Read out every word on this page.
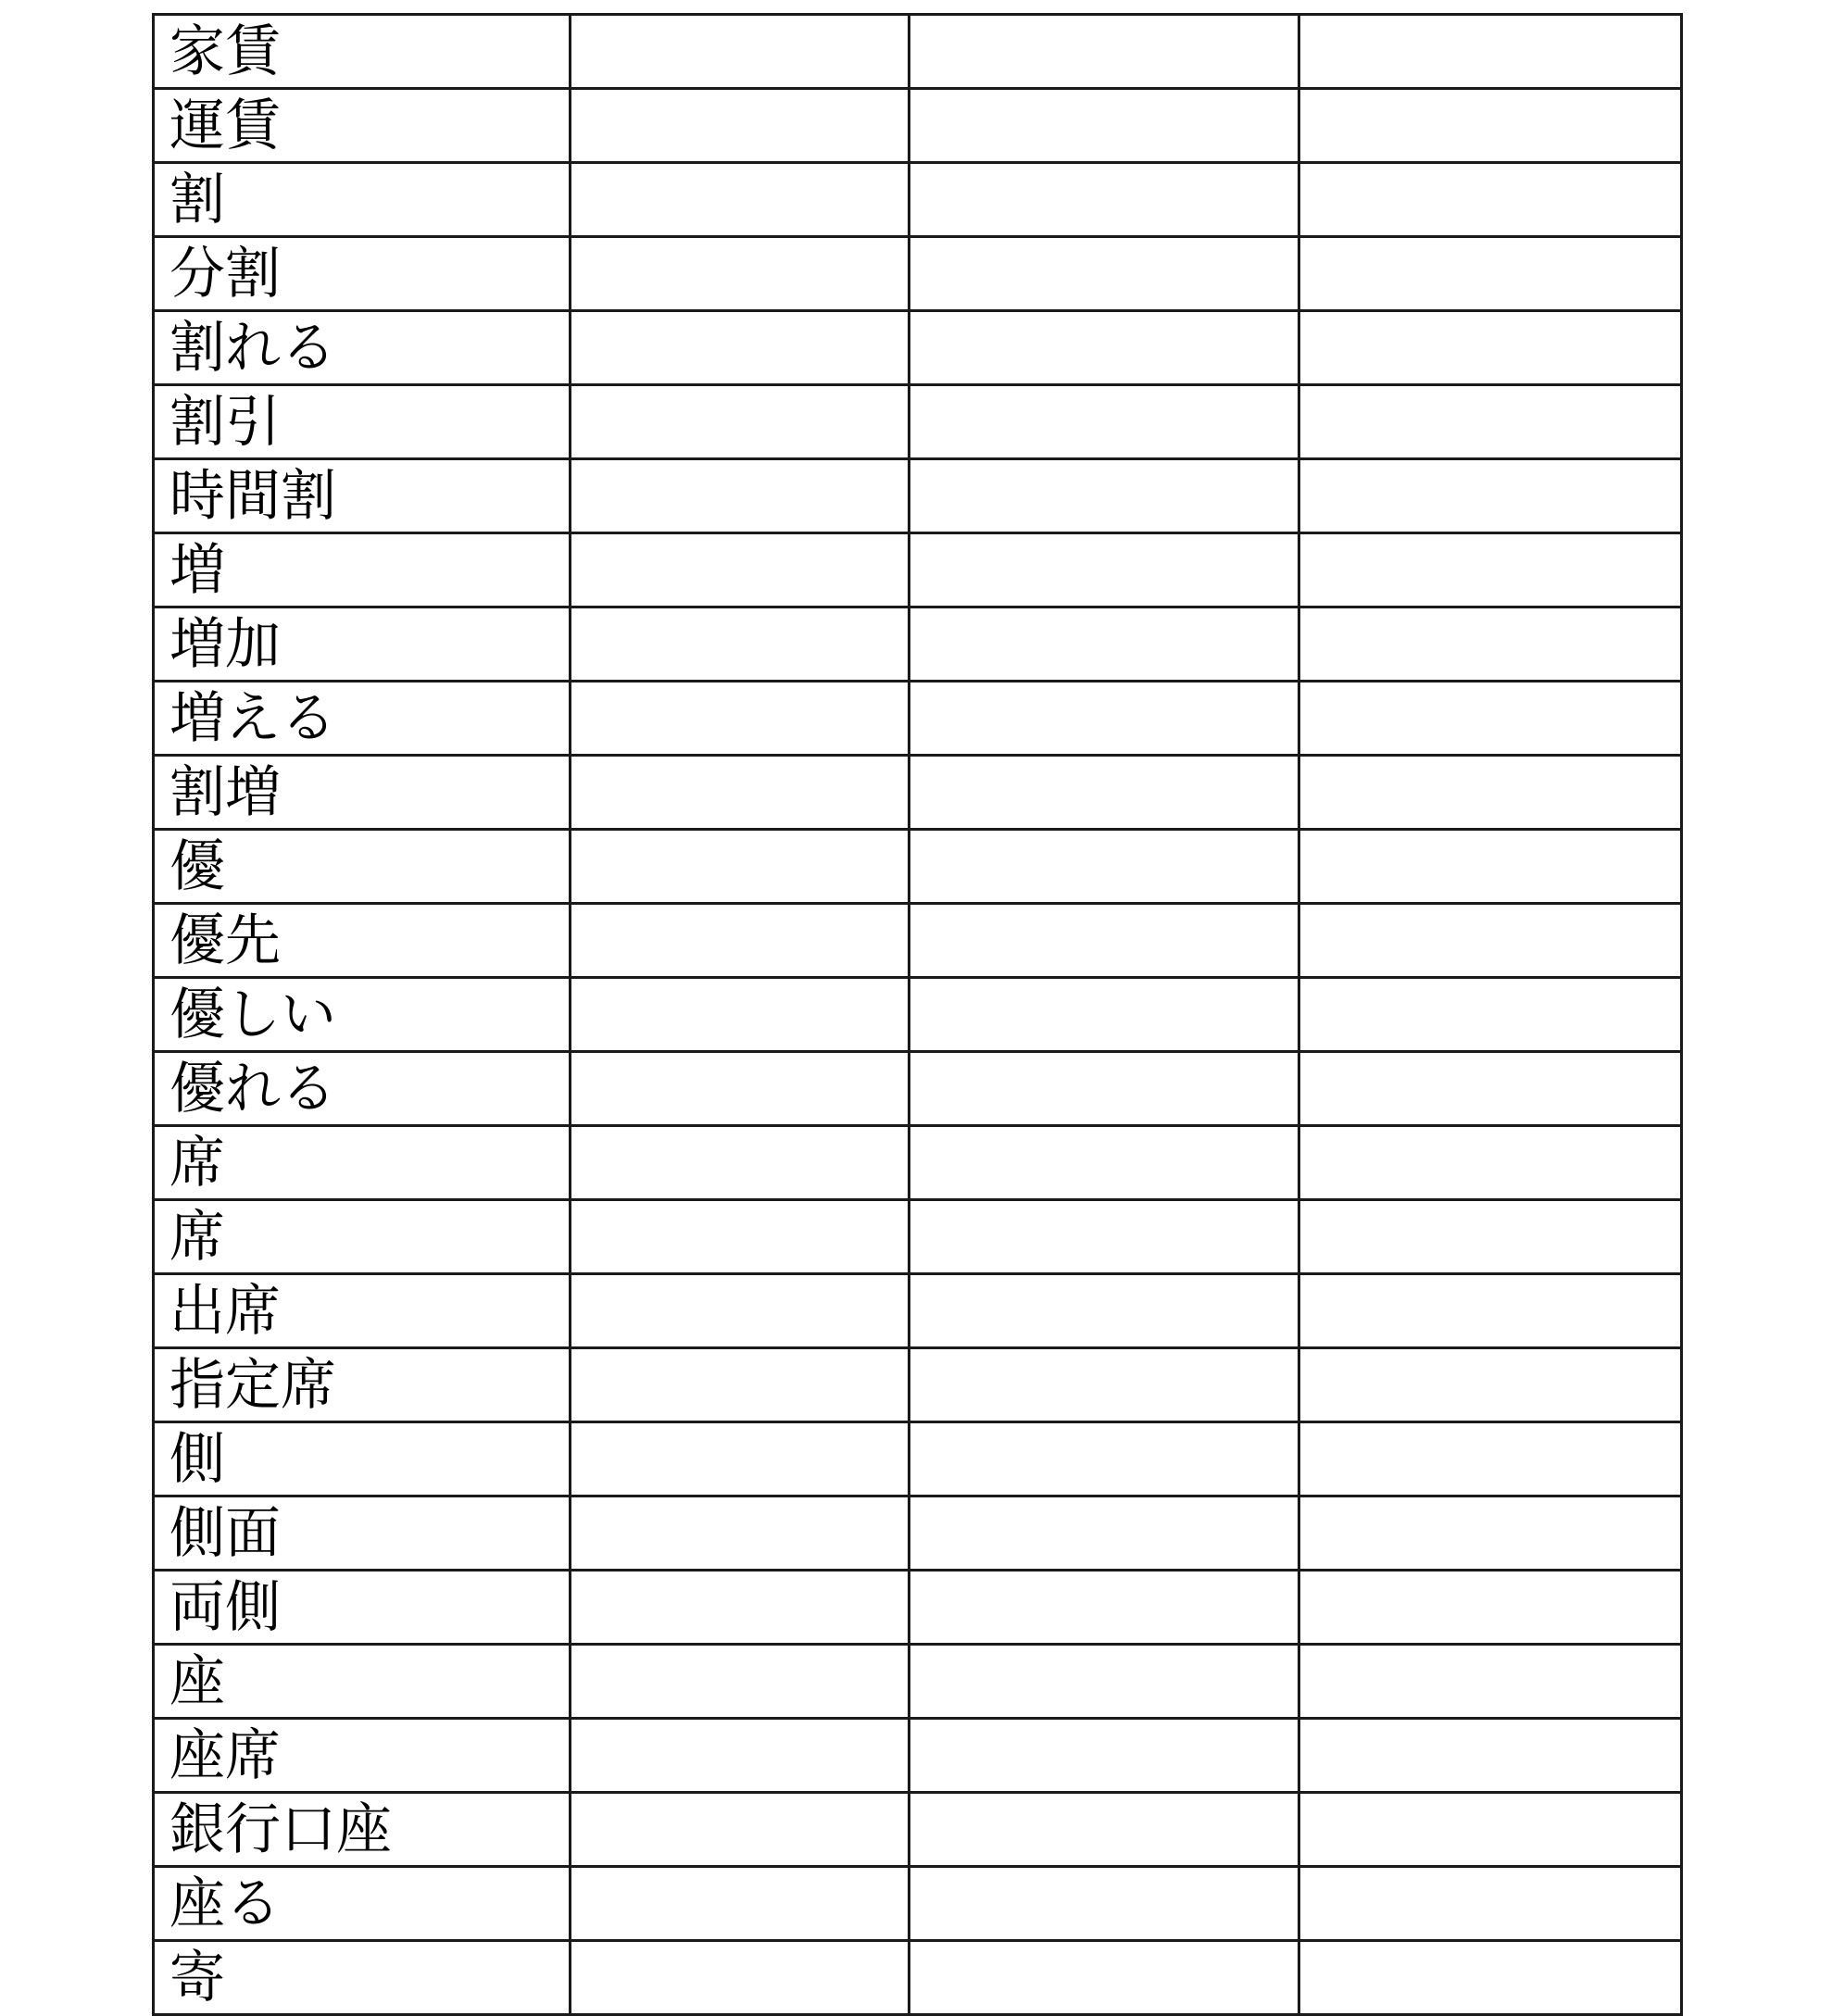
家賃			
運賃			
割			
分割			
割れる			
割引			
時間割			
増			
増加			
増える			
割増			
優			
優先			
優しい			
優れる			
席			
席			
出席			
指定席			
側			
側面			
両側			
座			
座席			
銀行口座			
座る			
寄			
